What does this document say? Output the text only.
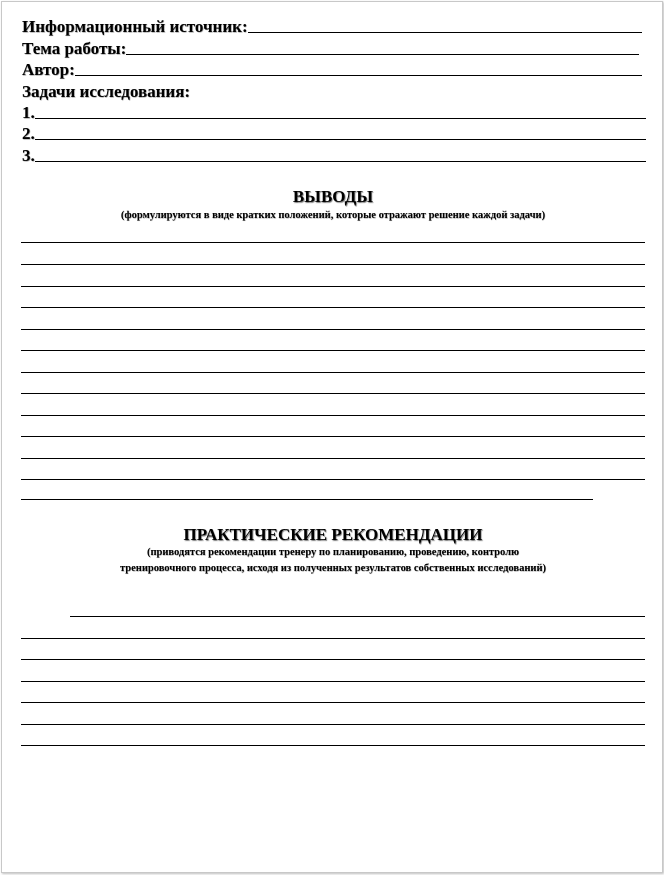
Информационный источник:
Тема работы:
Автор:
Задачи исследования:
1.
2.
3.
ВЫВОДЫ
(формулируются в виде кратких положений, которые отражают решение каждой задачи)
ПРАКТИЧЕСКИЕ РЕКОМЕНДАЦИИ
(приводятся рекомендации тренеру по планированию, проведению, контролю
тренировочного процесса, исходя из полученных результатов собственных исследований)
